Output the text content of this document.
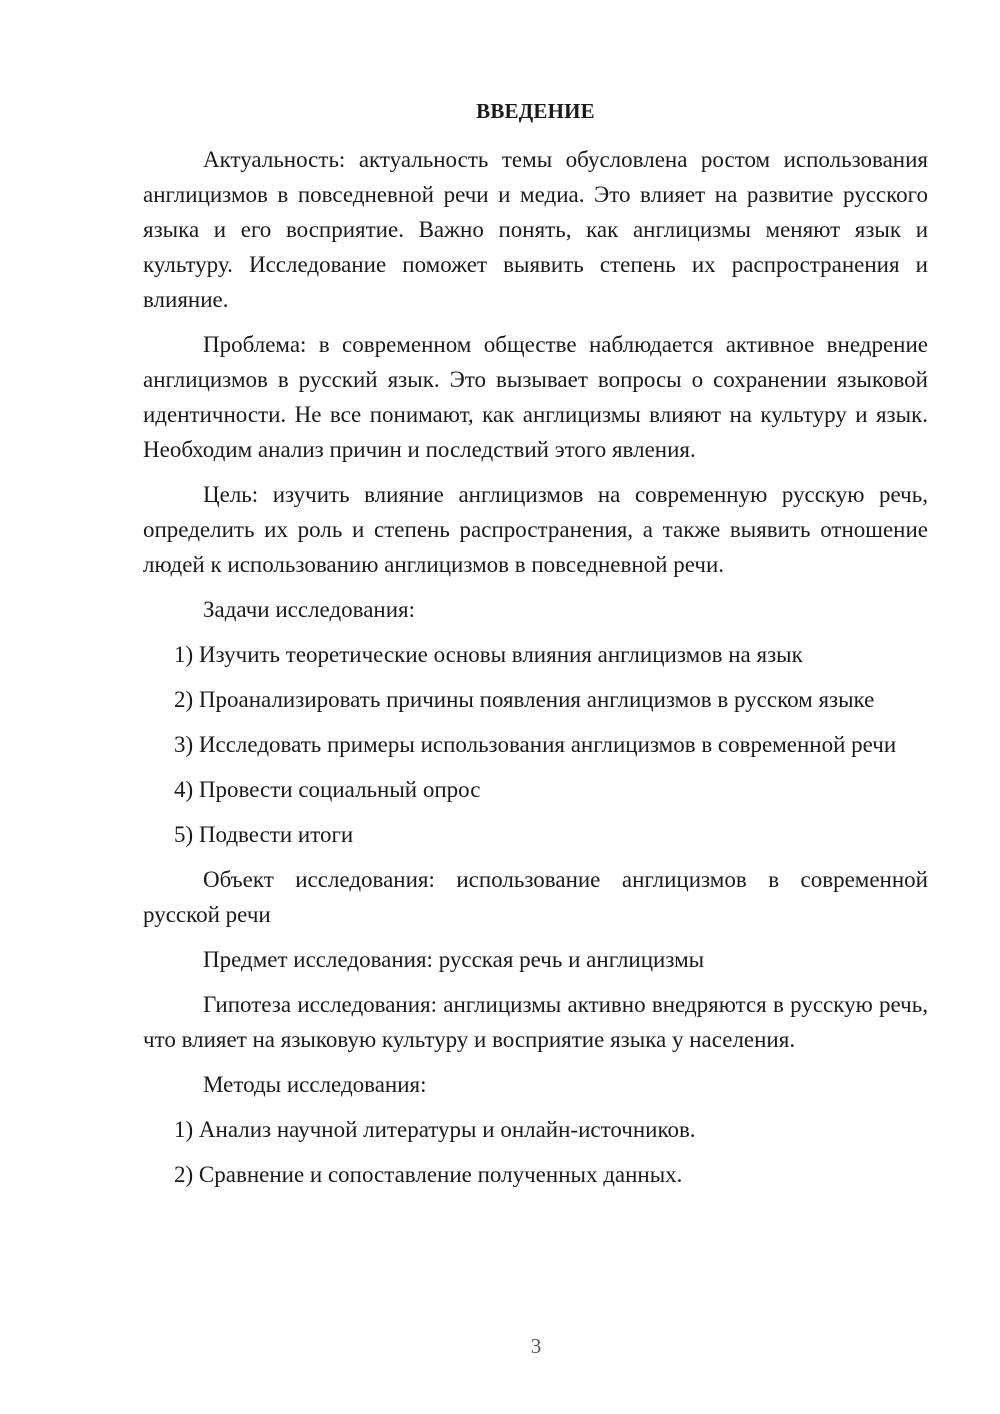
ВВЕДЕНИЕ

Актуальность: актуальность темы обусловлена ростом использования англицизмов в повседневной речи и медиа. Это влияет на развитие русского языка и его восприятие. Важно понять, как англицизмы меняют язык и культуру. Исследование поможет выявить степень их распространения и влияние.

Проблема: в современном обществе наблюдается активное внедрение англицизмов в русский язык. Это вызывает вопросы о сохранении языковой идентичности. Не все понимают, как англицизмы влияют на культуру и язык. Необходим анализ причин и последствий этого явления.

Цель: изучить влияние англицизмов на современную русскую речь, определить их роль и степень распространения, а также выявить отношение людей к использованию англицизмов в повседневной речи.

Задачи исследования:

1) Изучить теоретические основы влияния англицизмов на язык

2) Проанализировать причины появления англицизмов в русском языке

3) Исследовать примеры использования англицизмов в современной речи

4) Провести социальный опрос

5) Подвести итоги

Объект исследования: использование англицизмов в современной русской речи

Предмет исследования: русская речь и англицизмы

Гипотеза исследования: англицизмы активно внедряются в русскую речь, что влияет на языковую культуру и восприятие языка у населения.

Методы исследования:

1) Анализ научной литературы и онлайн-источников.

2) Сравнение и сопоставление полученных данных.

3
